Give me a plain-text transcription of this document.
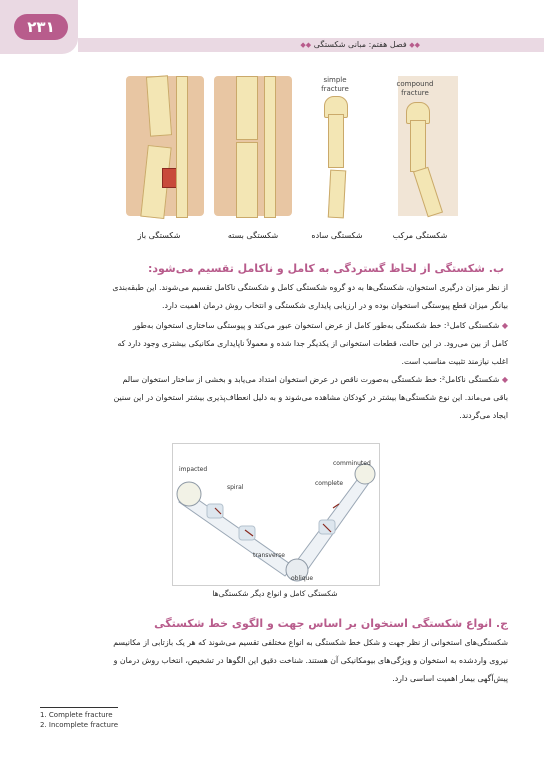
۲۳۱
◆◆ فصل هفتم: مبانی شکستگی ◆◆
simple
fracture
compound
fracture
شکستگی مرکب
شکستگی ساده
شکستگی بسته
شکستگی باز
ب. شکستگی از لحاظ گستردگی به کامل و ناکامل تقسیم می‌شود:
از نظر میزان درگیری استخوان، شکستگی‌ها به دو گروه شکستگی کامل و شکستگی ناکامل تقسیم می‌شوند. این طبقه‌بندی
بیانگر میزان قطع پیوستگی استخوان بوده و در ارزیابی پایداری شکستگی و انتخاب روش درمان اهمیت دارد.
◆ شکستگی کامل¹: خط شکستگی به‌طور کامل از عرض استخوان عبور می‌کند و پیوستگی ساختاری استخوان به‌طور
کامل از بین می‌رود. در این حالت، قطعات استخوانی از یکدیگر جدا شده و معمولاً ناپایداری مکانیکی بیشتری وجود دارد که
اغلب نیازمند تثبیت مناسب است.
◆ شکستگی ناکامل²: خط شکستگی به‌صورت ناقص در عرض استخوان امتداد می‌یابد و بخشی از ساختار استخوان سالم
باقی می‌ماند. این نوع شکستگی‌ها بیشتر در کودکان مشاهده می‌شوند و به دلیل انعطاف‌پذیری بیشتر استخوان در این سنین
ایجاد می‌گردند.
impacted
spiral
transverse
oblique
comminuted
complete
شکستگی کامل و انواع دیگر شکستگی‌ها
ج. انواع شکستگی استخوان بر اساس جهت و الگوی خط شکستگی
شکستگی‌های استخوانی از نظر جهت و شکل خط شکستگی به انواع مختلفی تقسیم می‌شوند که هر یک بازتابی از مکانیسم
نیروی واردشده به استخوان و ویژگی‌های بیومکانیکی آن هستند. شناخت دقیق این الگوها در تشخیص، انتخاب روش درمان و
پیش‌آگهی بیمار اهمیت اساسی دارد.
1. Complete fracture
2. Incomplete fracture
